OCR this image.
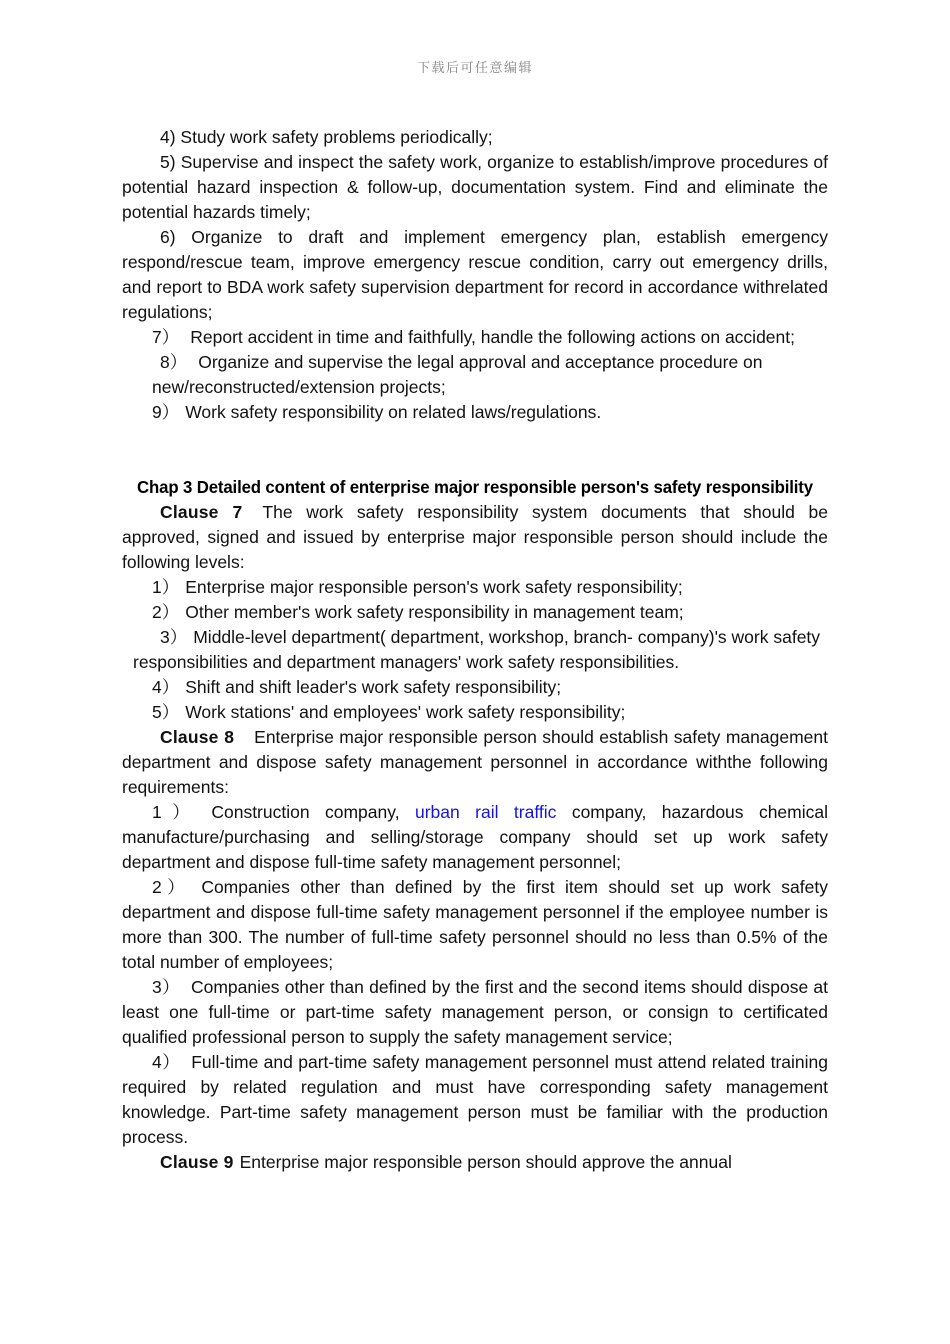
下载后可任意编辑

4) Study work safety problems periodically;

5) Supervise and inspect the safety work, organize to establish/improve procedures of potential hazard inspection & follow-up, documentation system. Find and eliminate the potential hazards timely;

6) Organize to draft and implement emergency plan, establish emergency respond/rescue team, improve emergency rescue condition, carry out emergency drills, and report to BDA work safety supervision department for record in accordance withrelated regulations;

7） Report accident in time and faithfully, handle the following actions on accident;

8） Organize and supervise the legal approval and acceptance procedure on new/reconstructed/extension projects;

9） Work safety responsibility on related laws/regulations.

Chap 3 Detailed content of enterprise major responsible person's safety responsibility

Clause 7 The work safety responsibility system documents that should be approved, signed and issued by enterprise major responsible person should include the following levels:

1） Enterprise major responsible person's work safety responsibility;

2） Other member's work safety responsibility in management team;

3） Middle-level department( department, workshop, branch- company)'s work safety responsibilities and department managers' work safety responsibilities.

4） Shift and shift leader's work safety responsibility;

5） Work stations' and employees' work safety responsibility;

Clause 8 Enterprise major responsible person should establish safety management department and dispose safety management personnel in accordance withthe following requirements:

1） Construction company, urban rail traffic company, hazardous chemical manufacture/purchasing and selling/storage company should set up work safety department and dispose full-time safety management personnel;

2） Companies other than defined by the first item should set up work safety department and dispose full-time safety management personnel if the employee number is more than 300. The number of full-time safety personnel should no less than 0.5% of the total number of employees;

3） Companies other than defined by the first and the second items should dispose at least one full-time or part-time safety management person, or consign to certificated qualified professional person to supply the safety management service;

4） Full-time and part-time safety management personnel must attend related training required by related regulation and must have corresponding safety management knowledge. Part-time safety management person must be familiar with the production process.

Clause 9 Enterprise major responsible person should approve the annual
